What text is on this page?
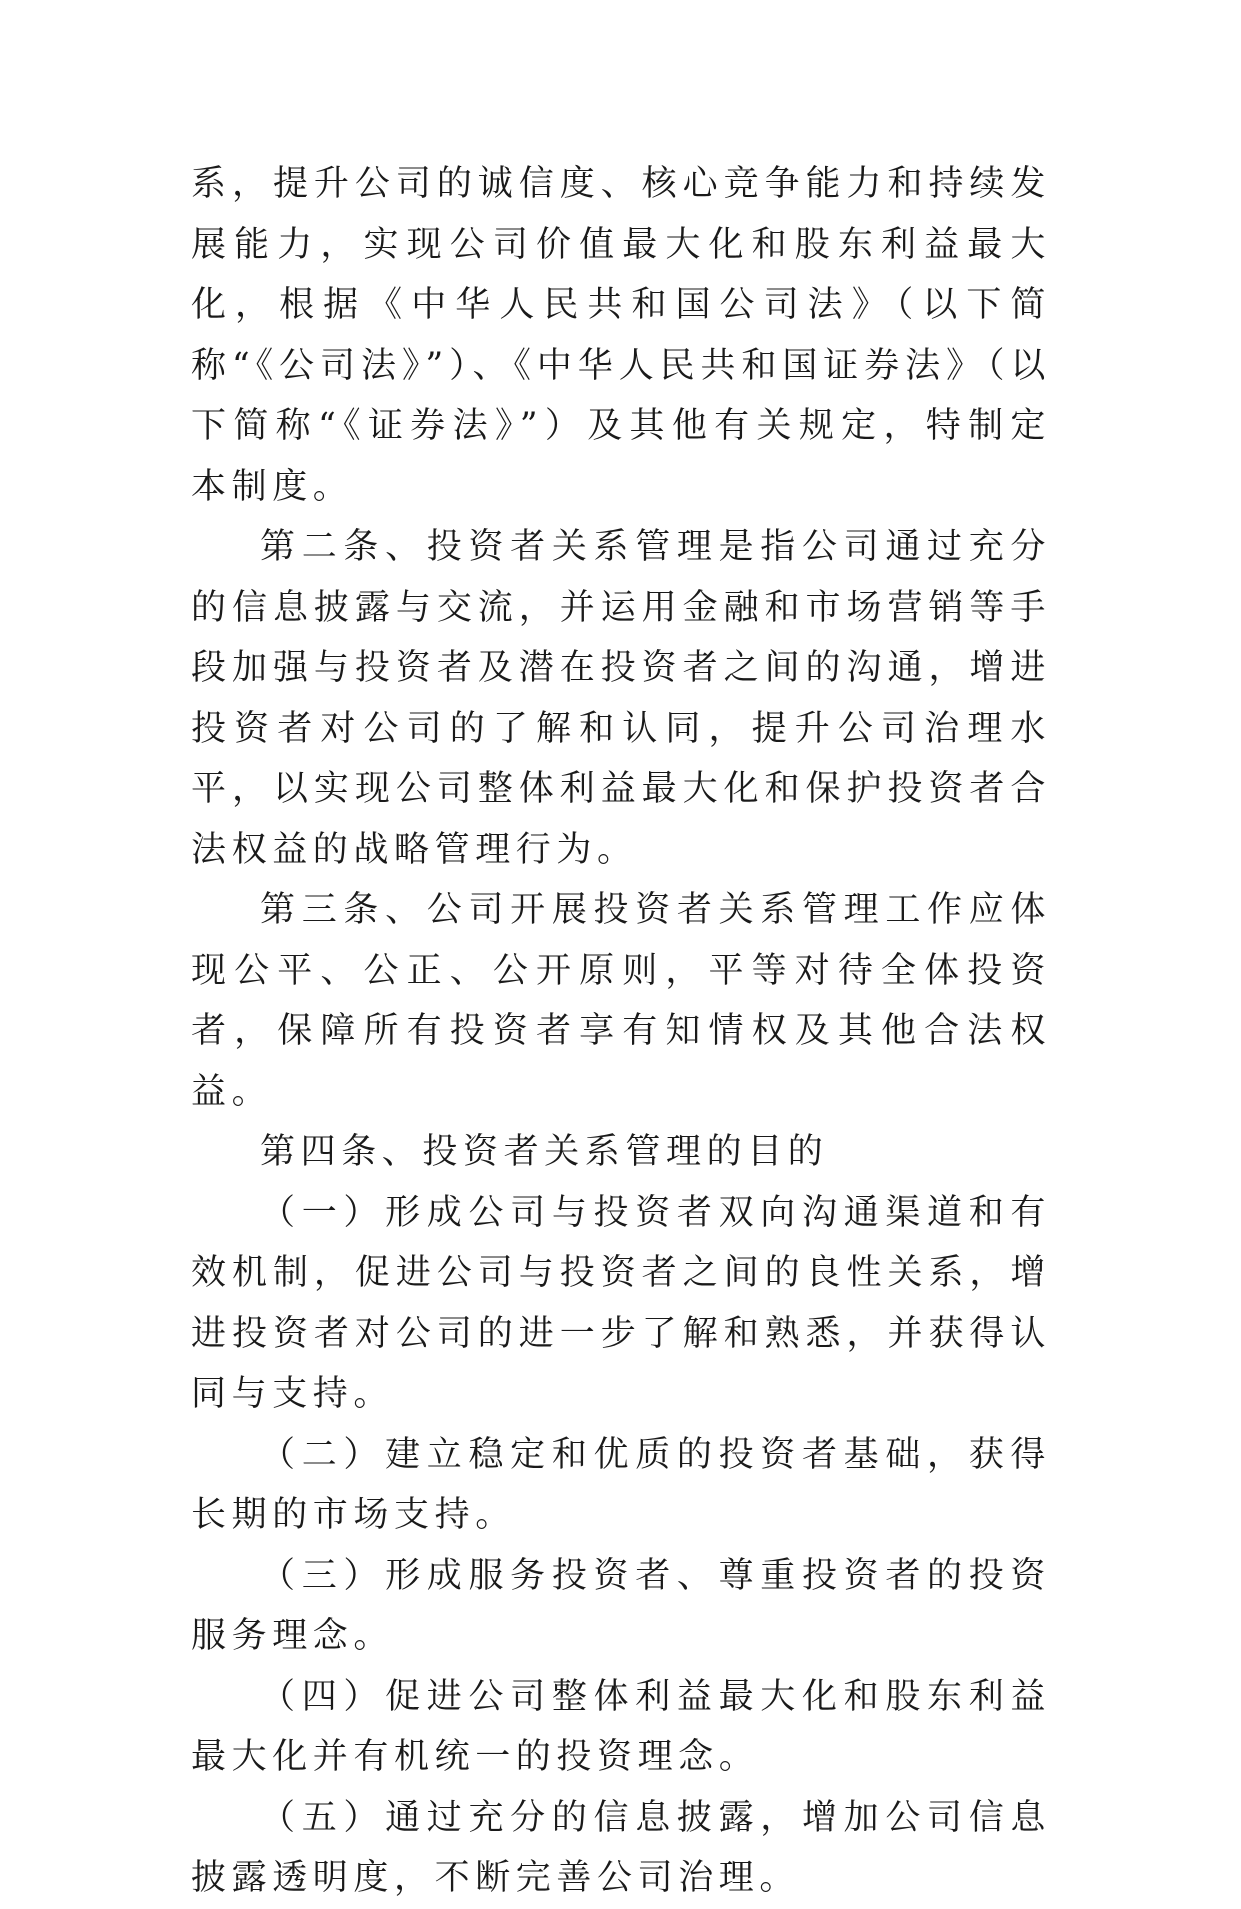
系，提升公司的诚信度、核心竞争能力和持续发展能力，实现公司价值最大化和股东利益最大化，根据《中华人民共和国公司法》（以下简称“《公司法》”）、《中华人民共和国证券法》（以下简称“《证券法》”）及其他有关规定，特制定本制度。

第二条、投资者关系管理是指公司通过充分的信息披露与交流，并运用金融和市场营销等手段加强与投资者及潜在投资者之间的沟通，增进投资者对公司的了解和认同，提升公司治理水平，以实现公司整体利益最大化和保护投资者合法权益的战略管理行为。

第三条、公司开展投资者关系管理工作应体现公平、公正、公开原则，平等对待全体投资者，保障所有投资者享有知情权及其他合法权益。

第四条、投资者关系管理的目的

（一）形成公司与投资者双向沟通渠道和有效机制，促进公司与投资者之间的良性关系，增进投资者对公司的进一步了解和熟悉，并获得认同与支持。

（二）建立稳定和优质的投资者基础，获得长期的市场支持。

（三）形成服务投资者、尊重投资者的投资服务理念。

（四）促进公司整体利益最大化和股东利益最大化并有机统一的投资理念。

（五）通过充分的信息披露，增加公司信息披露透明度，不断完善公司治理。
